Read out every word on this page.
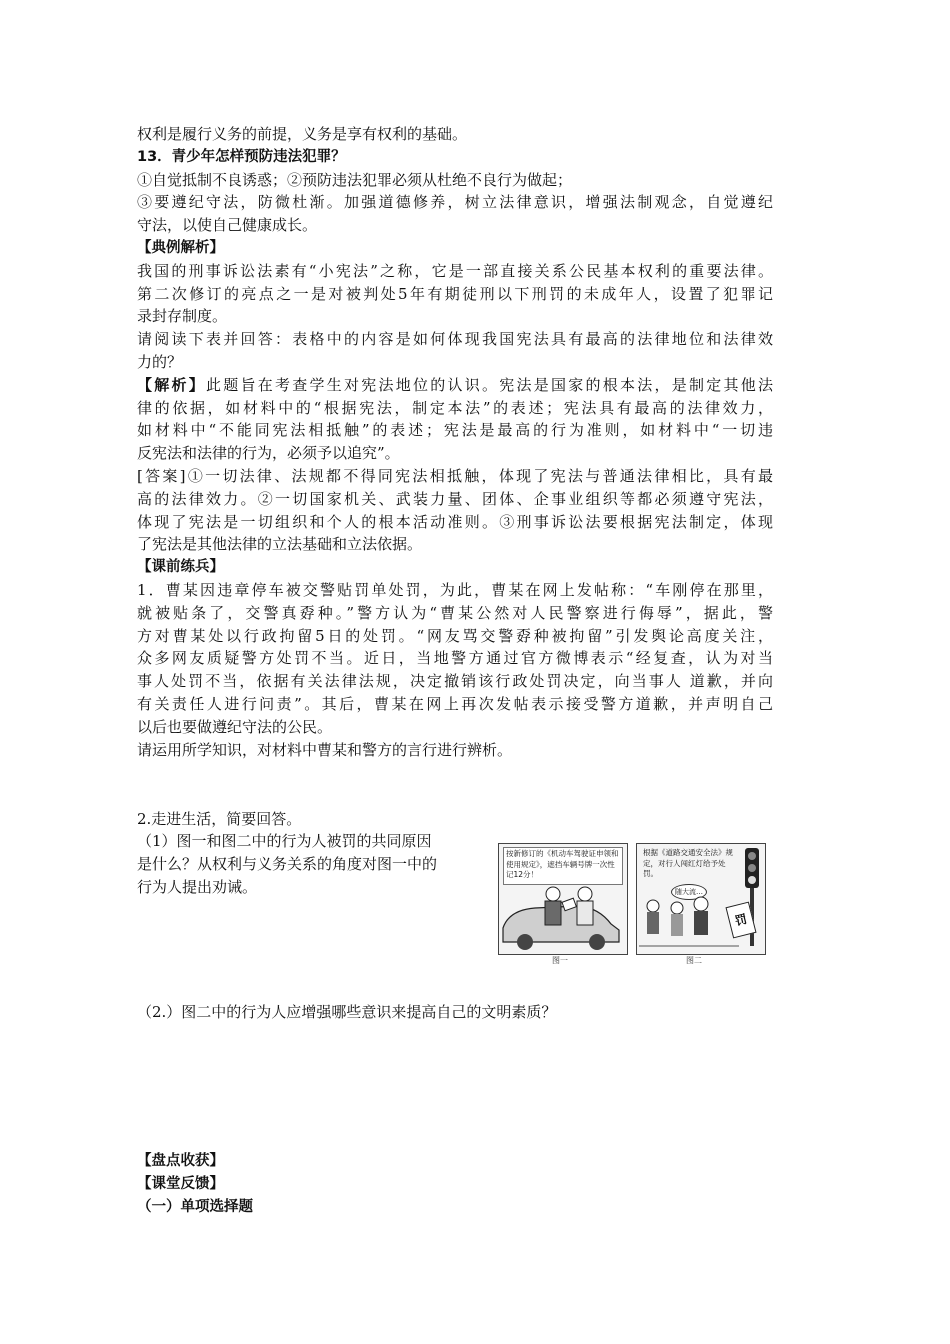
权利是履行义务的前提，义务是享有权利的基础。
13．青少年怎样预防违法犯罪？
①自觉抵制不良诱惑；②预防违法犯罪必须从杜绝不良行为做起；
③要遵纪守法，防微杜渐。加强道德修养，树立法律意识，增强法制观念，自觉遵纪
守法，以使自己健康成长。
【典例解析】
我国的刑事诉讼法素有“小宪法”之称，它是一部直接关系公民基本权利的重要法律。
第二次修订的亮点之一是对被判处5年有期徒刑以下刑罚的未成年人，设置了犯罪记
录封存制度。
请阅读下表并回答：表格中的内容是如何体现我国宪法具有最高的法律地位和法律效
力的？
【解析】此题旨在考查学生对宪法地位的认识。宪法是国家的根本法，是制定其他法
律的依据，如材料中的“根据宪法，制定本法”的表述；宪法具有最高的法律效力，
如材料中“不能同宪法相抵触”的表述；宪法是最高的行为准则，如材料中“一切违
反宪法和法律的行为，必须予以追究”。
[答案]①一切法律、法规都不得同宪法相抵触，体现了宪法与普通法律相比，具有最
高的法律效力。②一切国家机关、武装力量、团体、企事业组织等都必须遵守宪法，
体现了宪法是一切组织和个人的根本活动准则。③刑事诉讼法要根据宪法制定，体现
了宪法是其他法律的立法基础和立法依据。
【课前练兵】
1．曹某因违章停车被交警贴罚单处罚，为此，曹某在网上发帖称：“车刚停在那里，
就被贴条了，交警真孬种。”警方认为“曹某公然对人民警察进行侮辱”，据此，警
方对曹某处以行政拘留5日的处罚。“网友骂交警孬种被拘留”引发舆论高度关注，
众多网友质疑警方处罚不当。近日，当地警方通过官方微博表示“经复查，认为对当
事人处罚不当，依据有关法律法规，决定撤销该行政处罚决定，向当事人 道歉，并向
有关责任人进行问责”。其后，曹某在网上再次发帖表示接受警方道歉，并声明自己
以后也要做遵纪守法的公民。
请运用所学知识，对材料中曹某和警方的言行进行辨析。
2.走进生活，简要回答。
（1）图一和图二中的行为人被罚的共同原因
是什么？从权利与义务关系的角度对图一中的
行为人提出劝诫。
按新修订的《机动车驾驶证申领和使用规定》，遮挡车辆号牌一次性记12分！
根据《道路交通安全法》规定，对行人闯红灯给予处罚。
随大流…
罚
图一	图二
（2.）图二中的行为人应增强哪些意识来提高自己的文明素质？
【盘点收获】
【课堂反馈】
（一）单项选择题
